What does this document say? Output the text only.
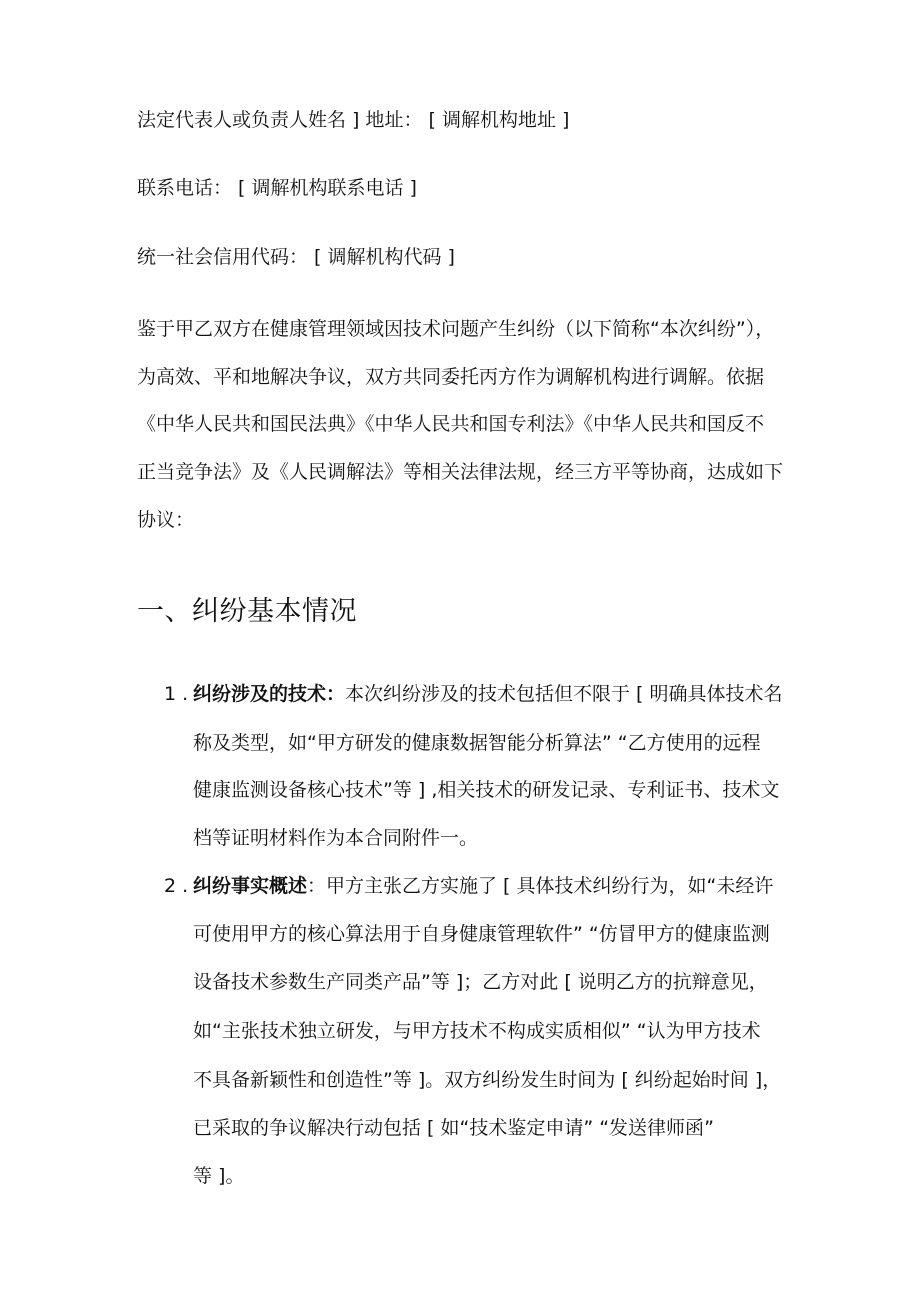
法定代表人或负责人姓名 ] 地址： [ 调解机构地址 ]
联系电话： [ 调解机构联系电话 ]
统一社会信用代码： [ 调解机构代码 ]
鉴于甲乙双方在健康管理领域因技术问题产生纠纷（以下简称“本次纠纷”），
为高效、平和地解决争议，双方共同委托丙方作为调解机构进行调解。依据
《中华人民共和国民法典》《中华人民共和国专利法》《中华人民共和国反不
正当竞争法》及《人民调解法》等相关法律法规，经三方平等协商，达成如下
协议：
一、纠纷基本情况
1 . 纠纷涉及的技术：本次纠纷涉及的技术包括但不限于 [ 明确具体技术名
称及类型，如“甲方研发的健康数据智能分析算法” “乙方使用的远程
健康监测设备核心技术”等 ] ,相关技术的研发记录、专利证书、技术文
档等证明材料作为本合同附件一。
2 . 纠纷事实概述：甲方主张乙方实施了 [ 具体技术纠纷行为，如“未经许
可使用甲方的核心算法用于自身健康管理软件” “仿冒甲方的健康监测
设备技术参数生产同类产品”等 ]；乙方对此 [ 说明乙方的抗辩意见，
如“主张技术独立研发，与甲方技术不构成实质相似” “认为甲方技术
不具备新颖性和创造性”等 ]。双方纠纷发生时间为 [ 纠纷起始时间 ]，
已采取的争议解决行动包括 [ 如“技术鉴定申请” “发送律师函”
等 ]。
